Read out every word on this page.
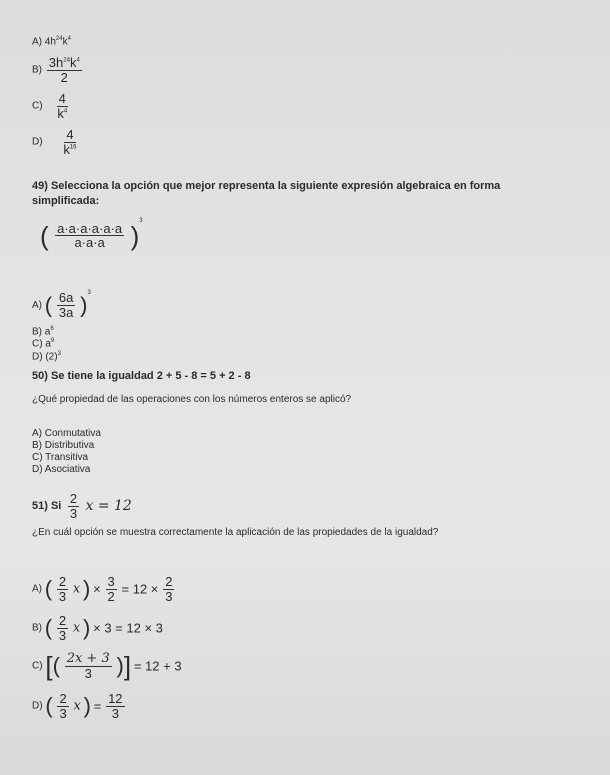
A) $4h^{24}k^4$
$B) \frac{3h^{24}k^4}{2}$
$C) \frac{4}{k^4}$
$D) \frac{4}{k^{16}}$
49) Selecciona la opción que mejor representa la siguiente expresión algebraica en forma
simplificada:
( $\frac{a\cdot a\cdot a\cdot a\cdot a\cdot a}{a\cdot a\cdot a} )^3$
A) ( $\frac{6a}{3a} )^3$
B) $a^6$
C) $a^9$
D) $(2)^3$
50) Se tiene la igualdad 2 + 5 - 8 = 5 + 2 - 8
¿Qué propiedad de las operaciones con los números enteros se aplicó?
A) Conmutativa
B) Distributiva
C) Transitiva
D) Asociativa
51) Si $\frac{2}{3}$ x = 12
¿En cuál opción se muestra correctamente la aplicación de las propiedades de la igualdad?
A) ( $\frac{2}{3}$ x ) × $\frac{3}{2} = 12 \times \frac{2}{3}$
B) ( $\frac{2}{3}$ x ) × 3 = 12 × 3
C) [( $\frac{2x + 3}{3}$ )] = 12 + 3
D) ( $\frac{2}{3}$ x ) = $\frac{12}{3}$
